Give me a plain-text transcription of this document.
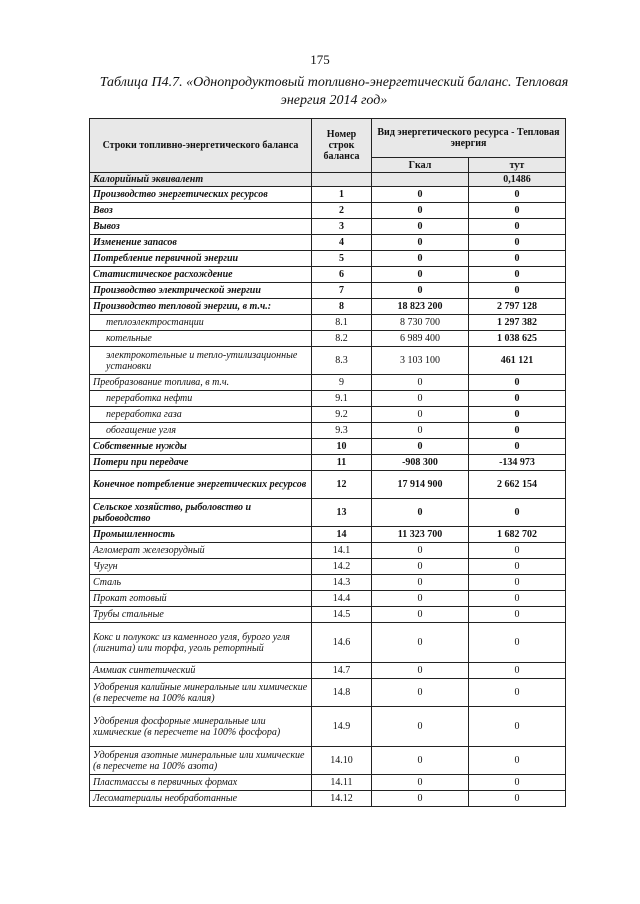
175
Таблица П4.7. «Однопродуктовый топливно-энергетический баланс. Тепловая
энергия 2014 год»
Строки топливно-энергетического баланса	Номер строк баланса	Вид энергетического ресурса - Тепловая энергия	
		Гкал	тут
Калорийный эквивалент			0,1486
Производство энергетических ресурсов	1	0	0
Ввоз	2	0	0
Вывоз	3	0	0
Изменение запасов	4	0	0
Потребление первичной энергии	5	0	0
Статистическое расхождение	6	0	0
Производство электрической энергии	7	0	0
Производство тепловой энергии, в т.ч.:	8	18 823 200	2 797 128
теплоэлектростанции	8.1	8 730 700	1 297 382
котельные	8.2	6 989 400	1 038 625
электрокотельные и тепло-утилизационные установки	8.3	3 103 100	461 121
Преобразование топлива, в т.ч.	9	0	0
переработка нефти	9.1	0	0
переработка газа	9.2	0	0
обогащение угля	9.3	0	0
Собственные нужды	10	0	0
Потери при передаче	11	-908 300	-134 973
Конечное потребление энергетических ресурсов	12	17 914 900	2 662 154
Сельское хозяйство, рыболовство и рыбоводство	13	0	0
Промышленность	14	11 323 700	1 682 702
Агломерат железорудный	14.1	0	0
Чугун	14.2	0	0
Сталь	14.3	0	0
Прокат готовый	14.4	0	0
Трубы стальные	14.5	0	0
Кокс и полукокс из каменного угля, бурого угля (лигнита) или торфа, уголь ретортный	14.6	0	0
Аммиак синтетический	14.7	0	0
Удобрения калийные минеральные или химические (в пересчете на 100% калия)	14.8	0	0
Удобрения фосфорные минеральные или химические (в пересчете на 100% фосфора)	14.9	0	0
Удобрения азотные минеральные или химические (в пересчете на 100% азота)	14.10	0	0
Пластмассы в первичных формах	14.11	0	0
Лесоматериалы необработанные	14.12	0	0
